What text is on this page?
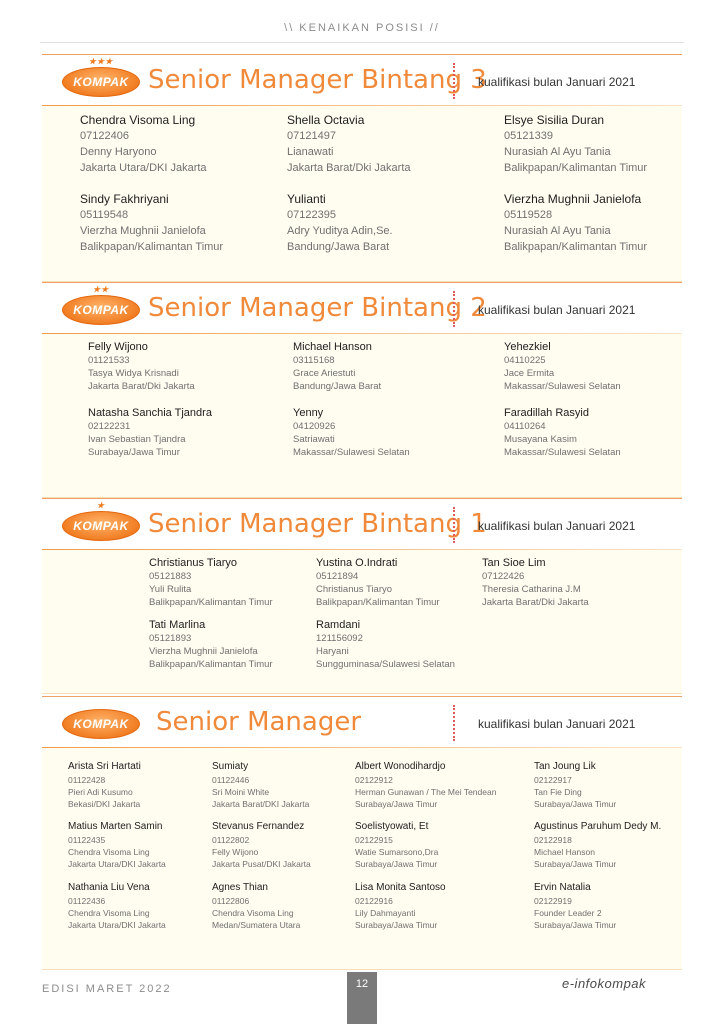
\\ KENAIKAN POSISI //
★★★
KOMPAK Senior Manager Bintang 3
kualifikasi bulan Januari 2021
Chendra Visoma Ling
07122406
Denny Haryono
Jakarta Utara/DKI Jakarta
Shella Octavia
07121497
Lianawati
Jakarta Barat/Dki Jakarta
Elsye Sisilia Duran
05121339
Nurasiah Al Ayu Tania
Balikpapan/Kalimantan Timur
Sindy Fakhriyani
05119548
Vierzha Mughnii Janielofa
Balikpapan/Kalimantan Timur
Yulianti
07122395
Adry Yuditya Adin,Se.
Bandung/Jawa Barat
Vierzha Mughnii Janielofa
05119528
Nurasiah Al Ayu Tania
Balikpapan/Kalimantan Timur
★★
KOMPAK Senior Manager Bintang 2
kualifikasi bulan Januari 2021
Felly Wijono
01121533
Tasya Widya Krisnadi
Jakarta Barat/Dki Jakarta
Michael Hanson
03115168
Grace Ariestuti
Bandung/Jawa Barat
Yehezkiel
04110225
Jace Ermita
Makassar/Sulawesi Selatan
Natasha Sanchia Tjandra
02122231
Ivan Sebastian Tjandra
Surabaya/Jawa Timur
Yenny
04120926
Satriawati
Makassar/Sulawesi Selatan
Faradillah Rasyid
04110264
Musayana Kasim
Makassar/Sulawesi Selatan
★
KOMPAK Senior Manager Bintang 1
kualifikasi bulan Januari 2021
Christianus Tiaryo
05121883
Yuli Rulita
Balikpapan/Kalimantan Timur
Yustina O.Indrati
05121894
Christianus Tiaryo
Balikpapan/Kalimantan Timur
Tan Sioe Lim
07122426
Theresia Catharina J.M
Jakarta Barat/Dki Jakarta
Tati Marlina
05121893
Vierzha Mughnii Janielofa
Balikpapan/Kalimantan Timur
Ramdani
121156092
Haryani
Sungguminasa/Sulawesi Selatan
KOMPAK	Senior Manager	kualifikasi bulan Januari 2021
Arista Sri Hartati
01122428
Pieri Adi Kusumo
Bekasi/DKI Jakarta
Sumiaty
01122446
Sri Moini White
Jakarta Barat/DKI Jakarta
Albert Wonodihardjo
02122912
Herman Gunawan / The Mei Tendean
Surabaya/Jawa Timur
Tan Joung Lik
02122917
Tan Fie Ding
Surabaya/Jawa Timur
Matius Marten Samin
01122435
Chendra Visoma Ling
Jakarta Utara/DKI Jakarta
Stevanus Fernandez
01122802
Felly Wijono
Jakarta Pusat/DKI Jakarta
Soelistyowati, Et
02122915
Watie Sumarsono,Dra
Surabaya/Jawa Timur
Agustinus Paruhum Dedy M.
02122918
Michael Hanson
Surabaya/Jawa Timur
Nathania Liu Vena
01122436
Chendra Visoma Ling
Jakarta Utara/DKI Jakarta
Agnes Thian
01122806
Chendra Visoma Ling
Medan/Sumatera Utara
Lisa Monita Santoso
02122916
Lily Dahmayanti
Surabaya/Jawa Timur
Ervin Natalia
02122919
Founder Leader 2
Surabaya/Jawa Timur
EDISI MARET 2022	12	e-infokompak
